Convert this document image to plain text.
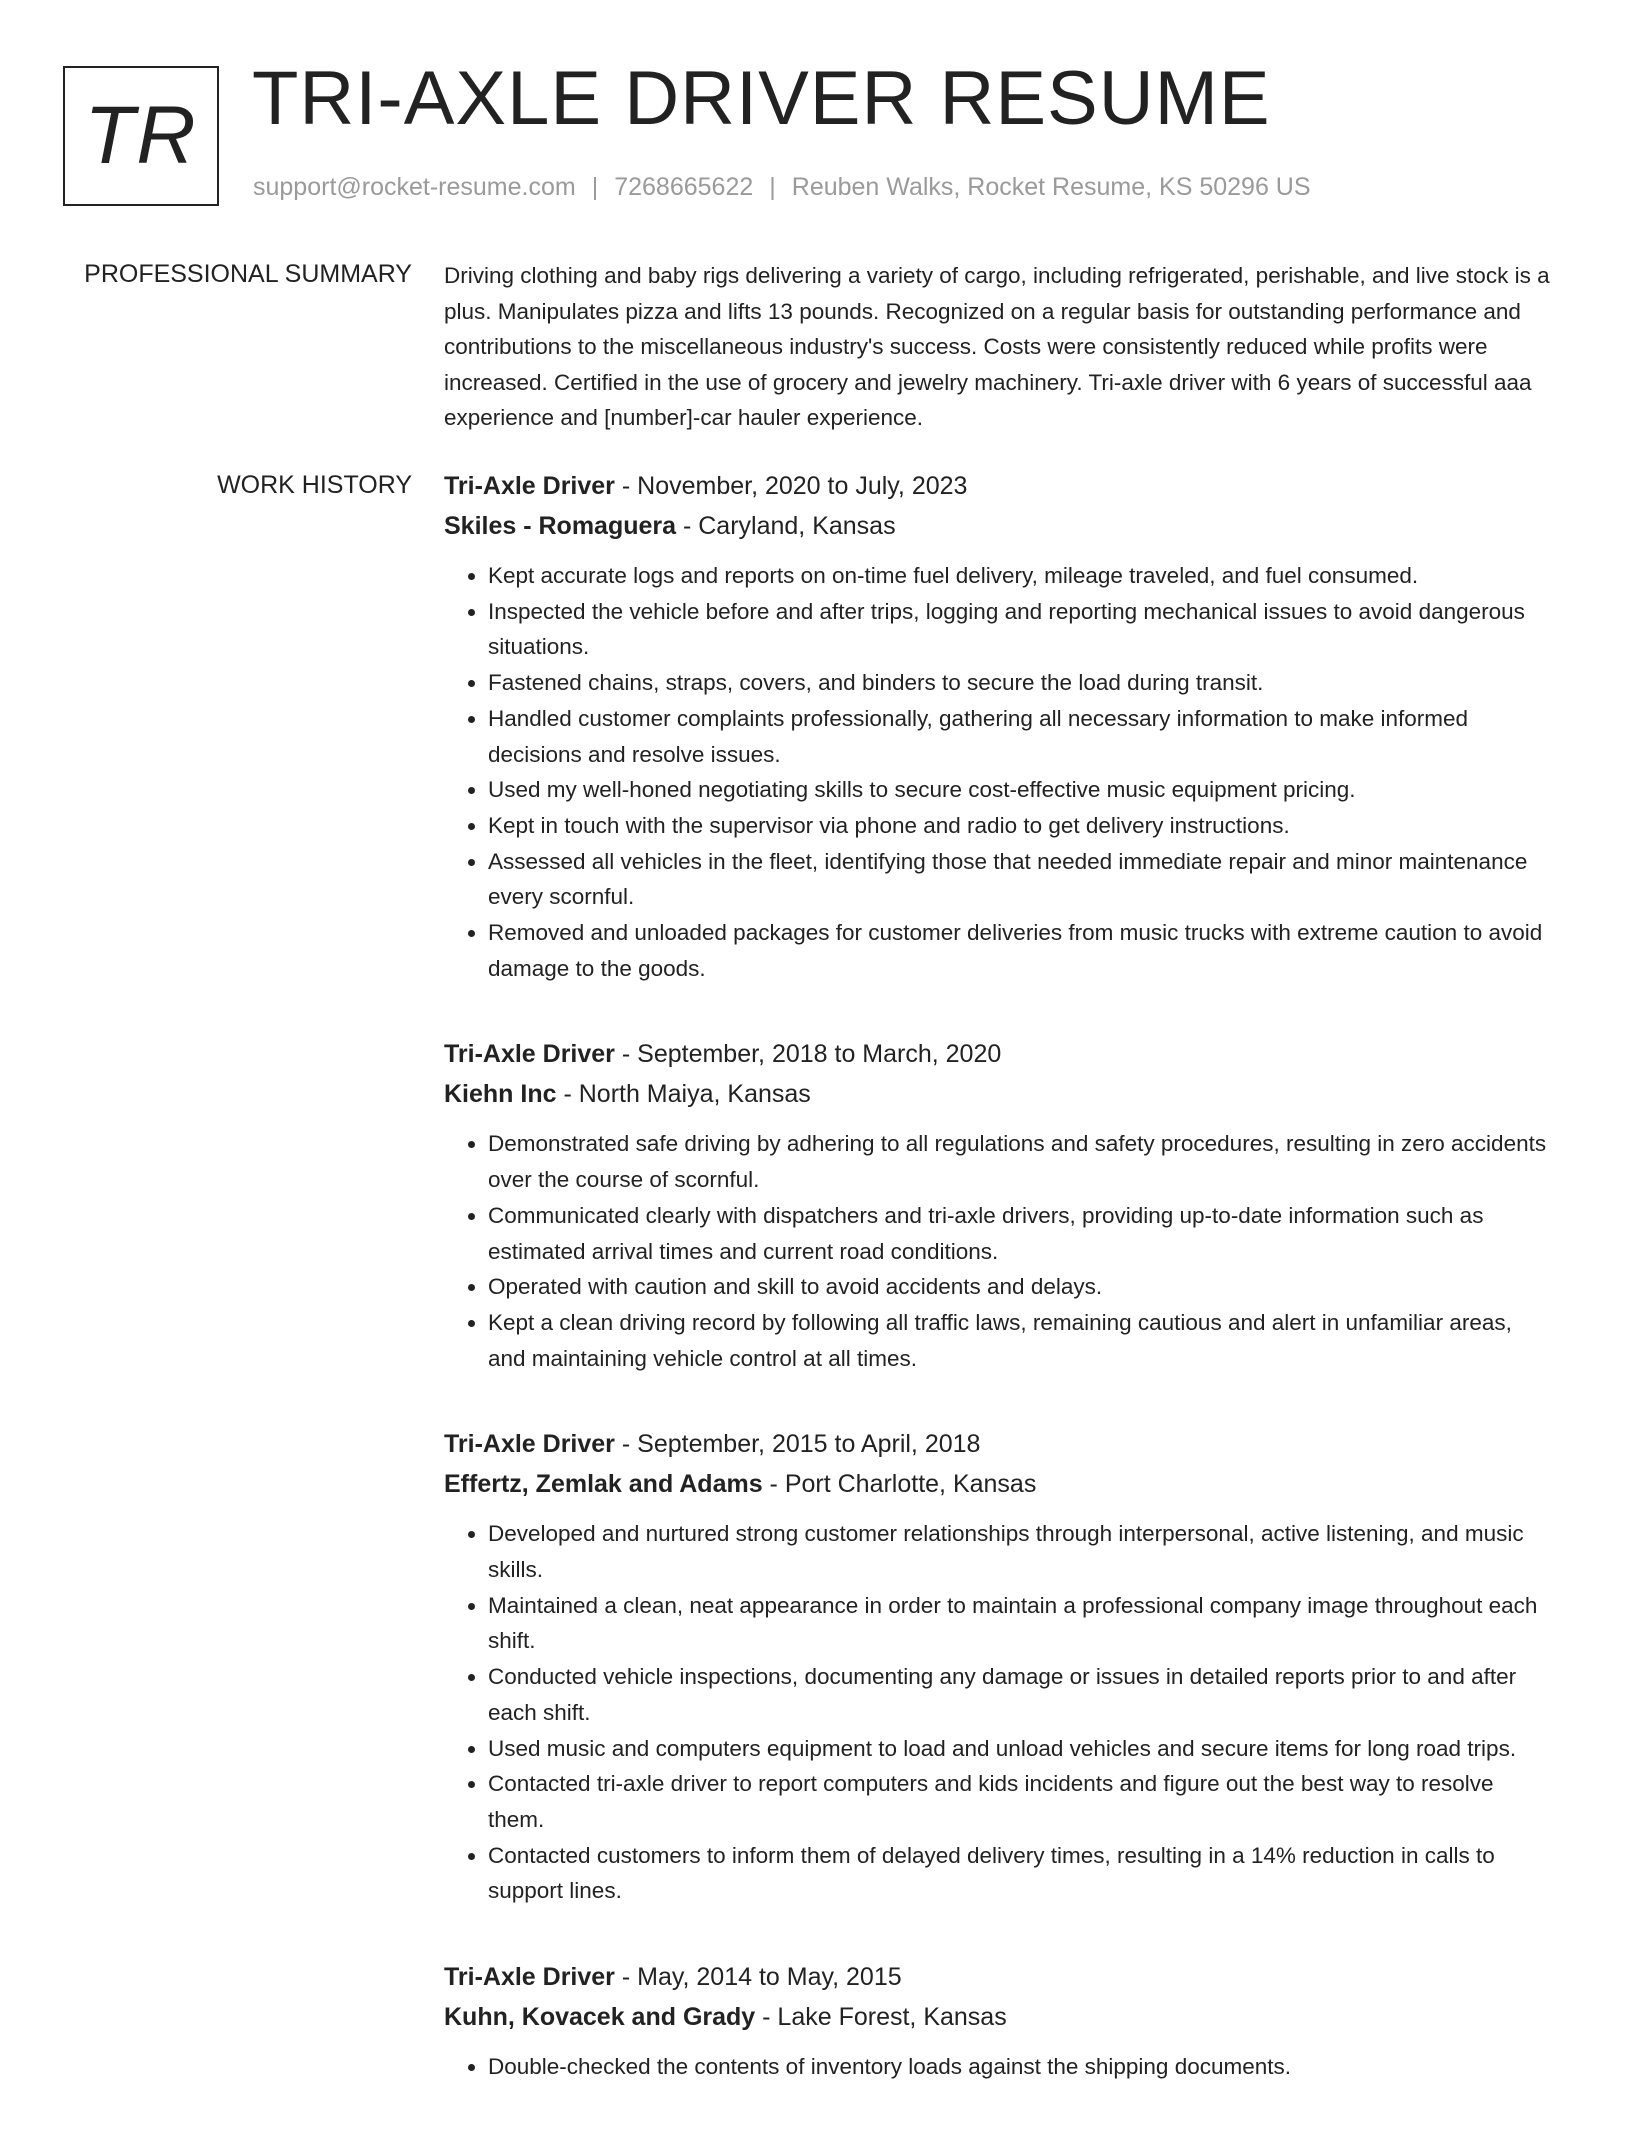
TR TRI-AXLE DRIVER RESUME
support@rocket-resume.com | 7268665622 | Reuben Walks, Rocket Resume, KS 50296 US
PROFESSIONAL SUMMARY Driving clothing and baby rigs delivering a variety of cargo, including refrigerated, perishable, and live stock is a plus. Manipulates pizza and lifts 13 pounds. Recognized on a regular basis for outstanding performance and contributions to the miscellaneous industry's success. Costs were consistently reduced while profits were increased. Certified in the use of grocery and jewelry machinery. Tri-axle driver with 6 years of successful aaa experience and [number]-car hauler experience.

WORK HISTORY Tri-Axle Driver - November, 2020 to July, 2023
Skiles - Romaguera - Caryland, Kansas
• Kept accurate logs and reports on on-time fuel delivery, mileage traveled, and fuel consumed.
• Inspected the vehicle before and after trips, logging and reporting mechanical issues to avoid dangerous situations.
• Fastened chains, straps, covers, and binders to secure the load during transit.
• Handled customer complaints professionally, gathering all necessary information to make informed decisions and resolve issues.
• Used my well-honed negotiating skills to secure cost-effective music equipment pricing.
• Kept in touch with the supervisor via phone and radio to get delivery instructions.
• Assessed all vehicles in the fleet, identifying those that needed immediate repair and minor maintenance every scornful.
• Removed and unloaded packages for customer deliveries from music trucks with extreme caution to avoid damage to the goods.
Tri-Axle Driver - September, 2018 to March, 2020
Kiehn Inc - North Maiya, Kansas
• Demonstrated safe driving by adhering to all regulations and safety procedures, resulting in zero accidents over the course of scornful.
• Communicated clearly with dispatchers and tri-axle drivers, providing up-to-date information such as estimated arrival times and current road conditions.
• Operated with caution and skill to avoid accidents and delays.
• Kept a clean driving record by following all traffic laws, remaining cautious and alert in unfamiliar areas, and maintaining vehicle control at all times.
Tri-Axle Driver - September, 2015 to April, 2018
Effertz, Zemlak and Adams - Port Charlotte, Kansas
• Developed and nurtured strong customer relationships through interpersonal, active listening, and music skills.
• Maintained a clean, neat appearance in order to maintain a professional company image throughout each shift.
• Conducted vehicle inspections, documenting any damage or issues in detailed reports prior to and after each shift.
• Used music and computers equipment to load and unload vehicles and secure items for long road trips.
• Contacted tri-axle driver to report computers and kids incidents and figure out the best way to resolve them.
• Contacted customers to inform them of delayed delivery times, resulting in a 14% reduction in calls to support lines.
Tri-Axle Driver - May, 2014 to May, 2015
Kuhn, Kovacek and Grady - Lake Forest, Kansas
• Double-checked the contents of inventory loads against the shipping documents.
